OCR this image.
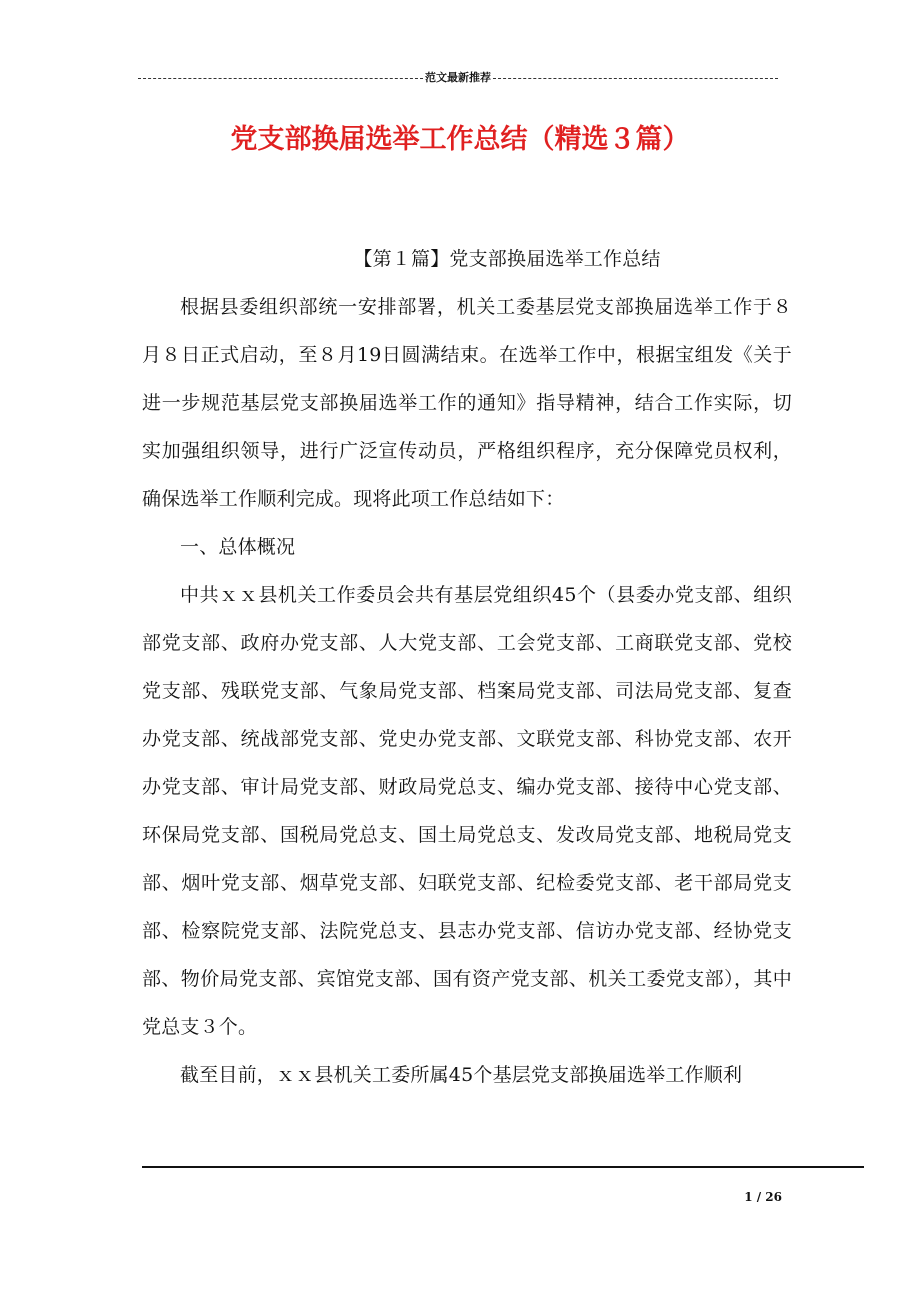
范文最新推荐
党支部换届选举工作总结（精选３篇）

【第１篇】党支部换届选举工作总结

根据县委组织部统一安排部署，机关工委基层党支部换届选举工作于８月８日正式启动，至８月19日圆满结束。在选举工作中，根据宝组发《关于进一步规范基层党支部换届选举工作的通知》指导精神，结合工作实际，切实加强组织领导，进行广泛宣传动员，严格组织程序，充分保障党员权利，确保选举工作顺利完成。现将此项工作总结如下：

一、总体概况

中共ｘｘ县机关工作委员会共有基层党组织45个（县委办党支部、组织部党支部、政府办党支部、人大党支部、工会党支部、工商联党支部、党校党支部、残联党支部、气象局党支部、档案局党支部、司法局党支部、复查办党支部、统战部党支部、党史办党支部、文联党支部、科协党支部、农开办党支部、审计局党支部、财政局党总支、编办党支部、接待中心党支部、环保局党支部、国税局党总支、国土局党总支、发改局党支部、地税局党支部、烟叶党支部、烟草党支部、妇联党支部、纪检委党支部、老干部局党支部、检察院党支部、法院党总支、县志办党支部、信访办党支部、经协党支部、物价局党支部、宾馆党支部、国有资产党支部、机关工委党支部），其中党总支３个。

截至目前，ｘｘ县机关工委所属45个基层党支部换届选举工作顺利

1 / 26
